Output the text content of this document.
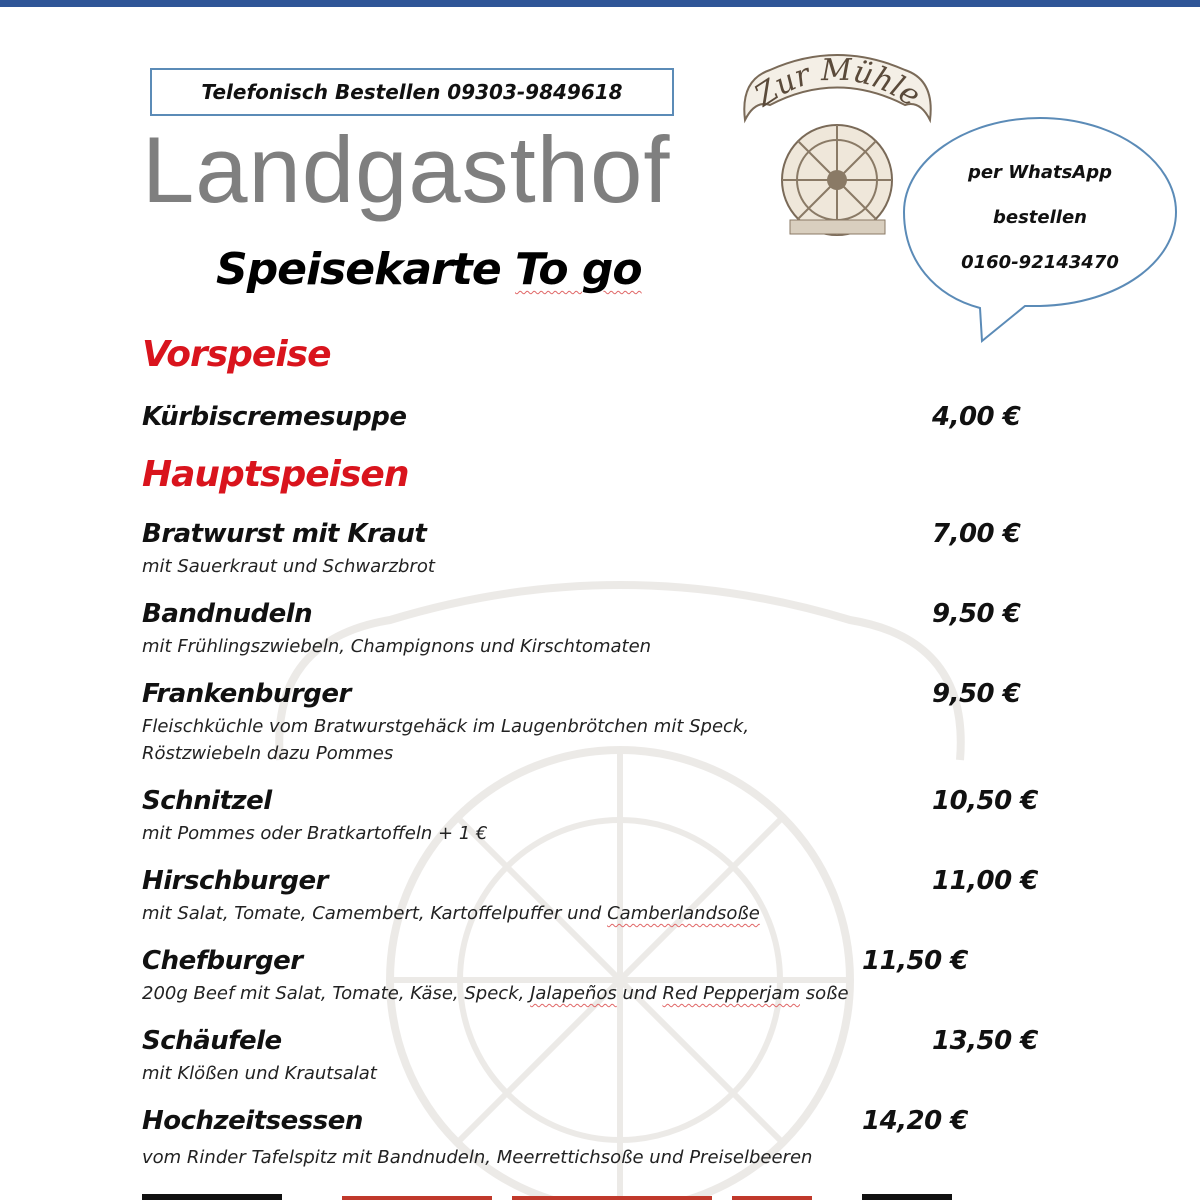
Telefonisch Bestellen 09303-9849618
Landgasthof
Speisekarte To go
Zur Mühle
per WhatsApp
bestellen
0160-92143470
Vorspeise
Kürbiscremesuppe	4,00 €
Hauptspeisen
Bratwurst mit Kraut	7,00 €
mit Sauerkraut und Schwarzbrot
Bandnudeln	9,50 €
mit Frühlingszwiebeln, Champignons und Kirschtomaten
Frankenburger	9,50 €
Fleischküchle vom Bratwurstgehäck im Laugenbrötchen mit Speck,
Röstzwiebeln dazu Pommes
Schnitzel	10,50 €
mit Pommes oder Bratkartoffeln + 1 €
Hirschburger	11,00 €
mit Salat, Tomate, Camembert, Kartoffelpuffer und Camberlandsoße
Chefburger	11,50 €
200g Beef mit Salat, Tomate, Käse, Speck, Jalapeños und Red Pepperjam soße
Schäufele	13,50 €
mit Klößen und Krautsalat
Hochzeitsessen	14,20 €
vom Rinder Tafelspitz mit Bandnudeln, Meerrettichsoße und Preiselbeeren
